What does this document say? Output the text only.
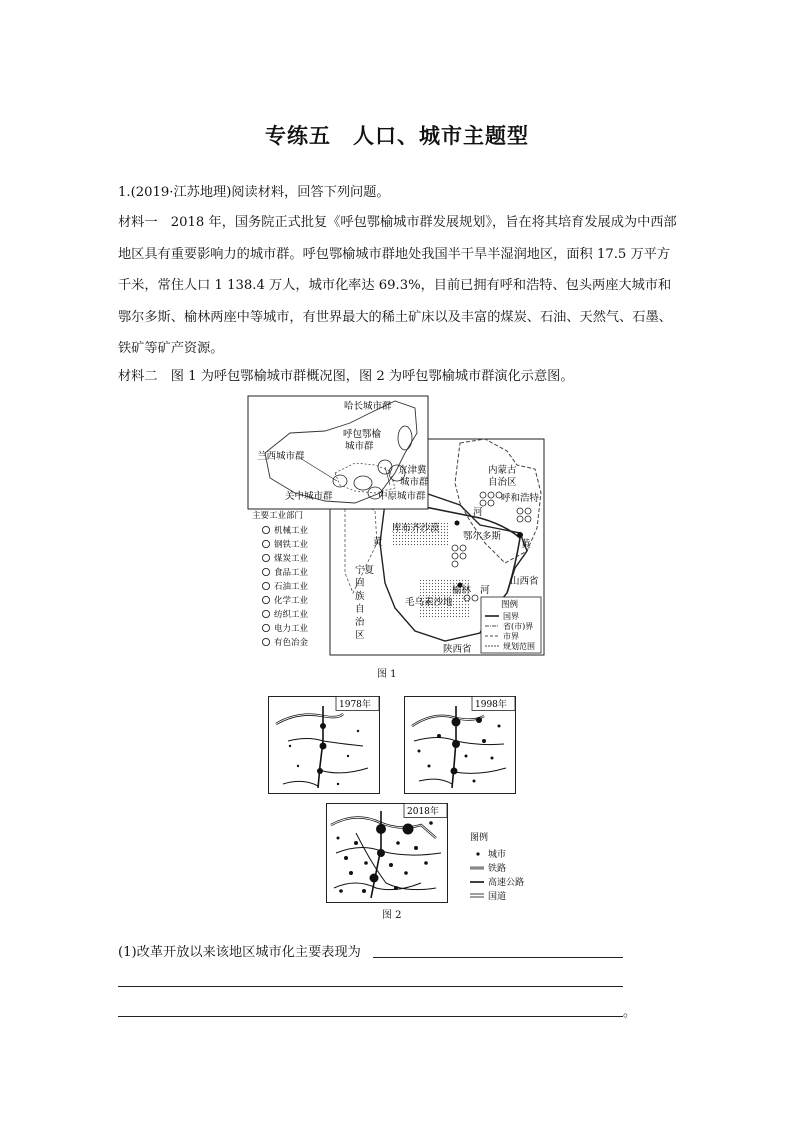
专练五　人口、城市主题型
1.(2019·江苏地理)阅读材料，回答下列问题。
材料一　2018 年，国务院正式批复《呼包鄂榆城市群发展规划》，旨在将其培育发展成为中西部地区具有重要影响力的城市群。呼包鄂榆城市群地处我国半干旱半湿润地区，面积 17.5 万平方千米，常住人口 1 138.4 万人，城市化率达 69.3%，目前已拥有呼和浩特、包头两座大城市和鄂尔多斯、榆林两座中等城市，有世界最大的稀土矿床以及丰富的煤炭、石油、天然气、石墨、铁矿等矿产资源。
材料二　图 1 为呼包鄂榆城市群概况图，图 2 为呼包鄂榆城市群演化示意图。
哈长城市群
呼包鄂榆
城市群
兰西城市群
京津冀
城市群
关中城市群	中原城市群
内蒙古
自治区
呼和浩特
库布齐沙漠
河
鄂尔多斯
黄	黄
宁夏
回
族
自
治
区
毛乌素沙地
榆林 河
山西省
陕西省
图例
国界
省(市)界
市界
规划范围
主要工业部门
机械工业
钢铁工业
煤炭工业
食品工业
石油工业
化学工业
纺织工业
电力工业
有色冶金
图 1
1978年	1998年
2018年
图例
城市
铁路
高速公路
国道
图 2
(1)改革开放以来该地区城市化主要表现为
。
